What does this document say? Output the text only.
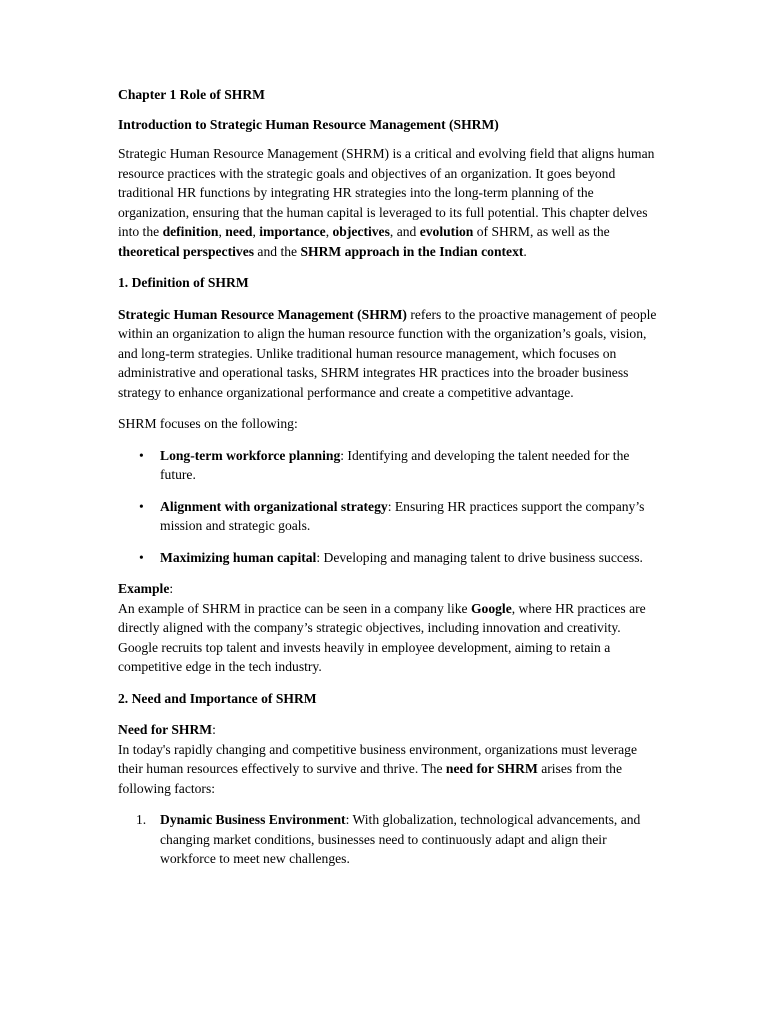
Chapter 1 Role of SHRM

Introduction to Strategic Human Resource Management (SHRM)

Strategic Human Resource Management (SHRM) is a critical and evolving field that aligns human resource practices with the strategic goals and objectives of an organization. It goes beyond traditional HR functions by integrating HR strategies into the long-term planning of the organization, ensuring that the human capital is leveraged to its full potential. This chapter delves into the definition, need, importance, objectives, and evolution of SHRM, as well as the theoretical perspectives and the SHRM approach in the Indian context.

1. Definition of SHRM

Strategic Human Resource Management (SHRM) refers to the proactive management of people within an organization to align the human resource function with the organization’s goals, vision, and long-term strategies. Unlike traditional human resource management, which focuses on administrative and operational tasks, SHRM integrates HR practices into the broader business strategy to enhance organizational performance and create a competitive advantage.

SHRM focuses on the following:

• Long-term workforce planning: Identifying and developing the talent needed for the future.
• Alignment with organizational strategy: Ensuring HR practices support the company’s mission and strategic goals.
• Maximizing human capital: Developing and managing talent to drive business success.

Example:

An example of SHRM in practice can be seen in a company like Google, where HR practices are directly aligned with the company’s strategic objectives, including innovation and creativity. Google recruits top talent and invests heavily in employee development, aiming to retain a competitive edge in the tech industry.

2. Need and Importance of SHRM

Need for SHRM:

In today's rapidly changing and competitive business environment, organizations must leverage their human resources effectively to survive and thrive. The need for SHRM arises from the following factors:

1. Dynamic Business Environment: With globalization, technological advancements, and changing market conditions, businesses need to continuously adapt and align their workforce to meet new challenges.
